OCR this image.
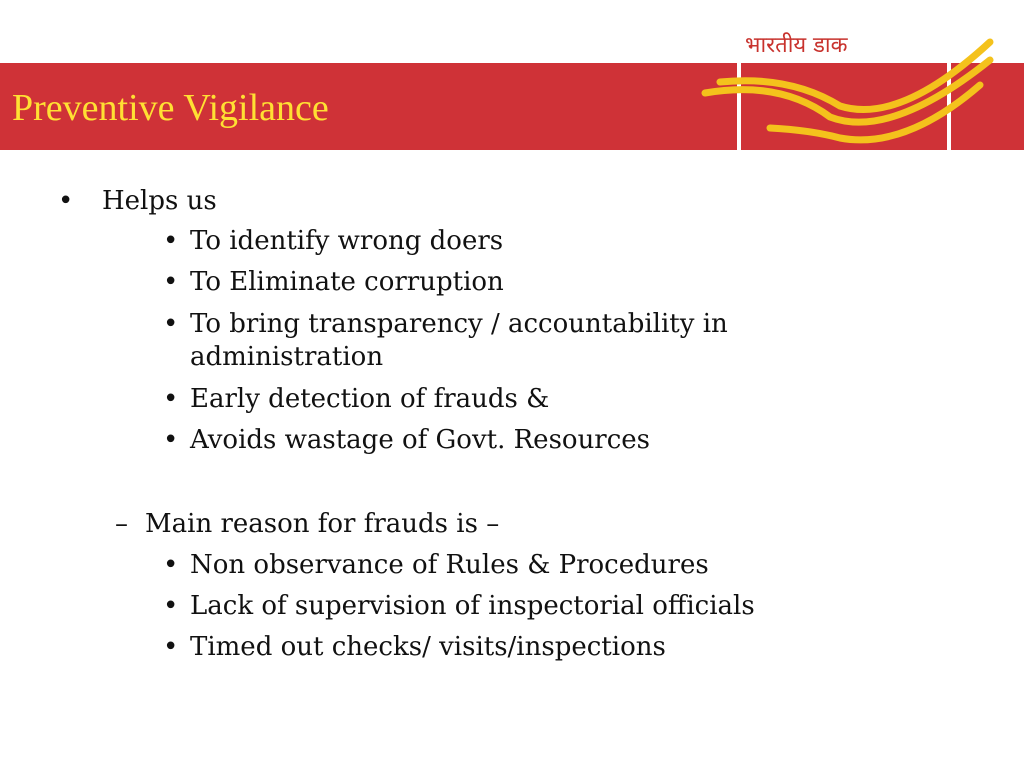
Preventive Vigilance
भारतीय डाक
• Helps us
• To identify wrong doers
• To Eliminate corruption
• To bring transparency / accountability in administration
• Early detection of frauds &
• Avoids wastage of Govt. Resources
– Main reason for frauds is –
• Non observance of Rules & Procedures
• Lack of supervision of inspectorial officials
• Timed out checks/ visits/inspections
